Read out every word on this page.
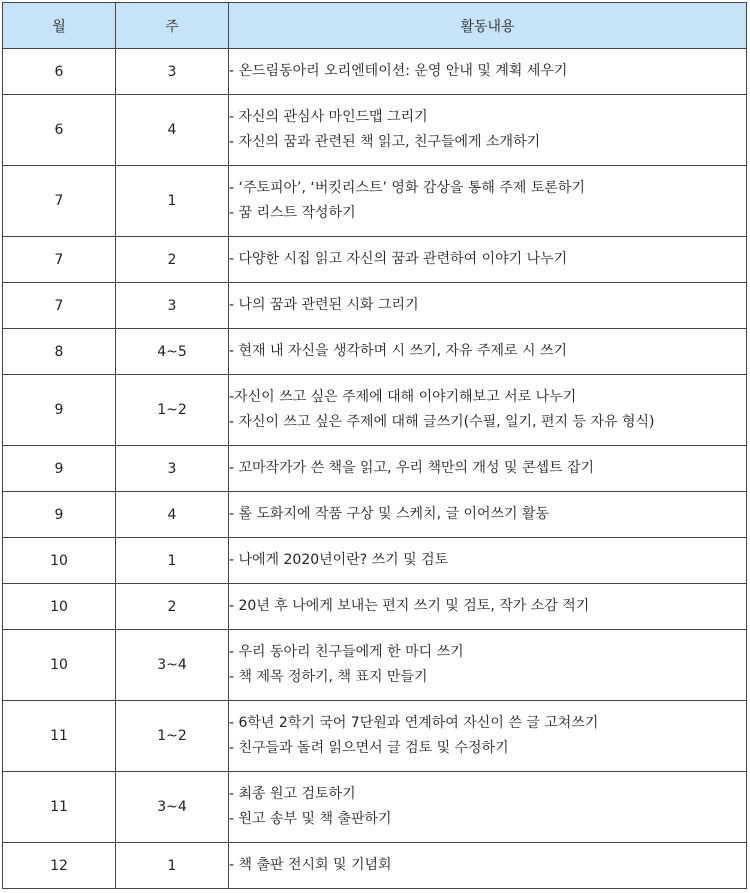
월	주	활동내용
6	3	- 온드림동아리 오리엔테이션: 운영 안내 및 계획 세우기

6	4	- 자신의 관심사 마인드맵 그리기
- 자신의 꿈과 관련된 책 읽고, 친구들에게 소개하기

7	1	- ‘주토피아’, ‘버킷리스트’ 영화 감상을 통해 주제 토론하기
- 꿈 리스트 작성하기

7	2	- 다양한 시집 읽고 자신의 꿈과 관련하여 이야기 나누기

7	3	- 나의 꿈과 관련된 시화 그리기

8	4~5	- 현재 내 자신을 생각하며 시 쓰기, 자유 주제로 시 쓰기

9	1~2	-자신이 쓰고 싶은 주제에 대해 이야기해보고 서로 나누기
- 자신이 쓰고 싶은 주제에 대해 글쓰기(수필, 일기, 편지 등 자유 형식)

9	3	- 꼬마작가가 쓴 책을 읽고, 우리 책만의 개성 및 콘셉트 잡기

9	4	- 롤 도화지에 작품 구상 및 스케치, 글 이어쓰기 활동

10	1	- 나에게 2020년이란? 쓰기 및 검토

10	2	- 20년 후 나에게 보내는 편지 쓰기 및 검토, 작가 소감 적기

10	3~4	- 우리 동아리 친구들에게 한 마디 쓰기
- 책 제목 정하기, 책 표지 만들기

11	1~2	- 6학년 2학기 국어 7단원과 연계하여 자신이 쓴 글 고쳐쓰기
- 친구들과 돌려 읽으면서 글 검토 및 수정하기

11	3~4	- 최종 원고 검토하기
- 원고 송부 및 책 출판하기

12	1	- 책 출판 전시회 및 기념회
